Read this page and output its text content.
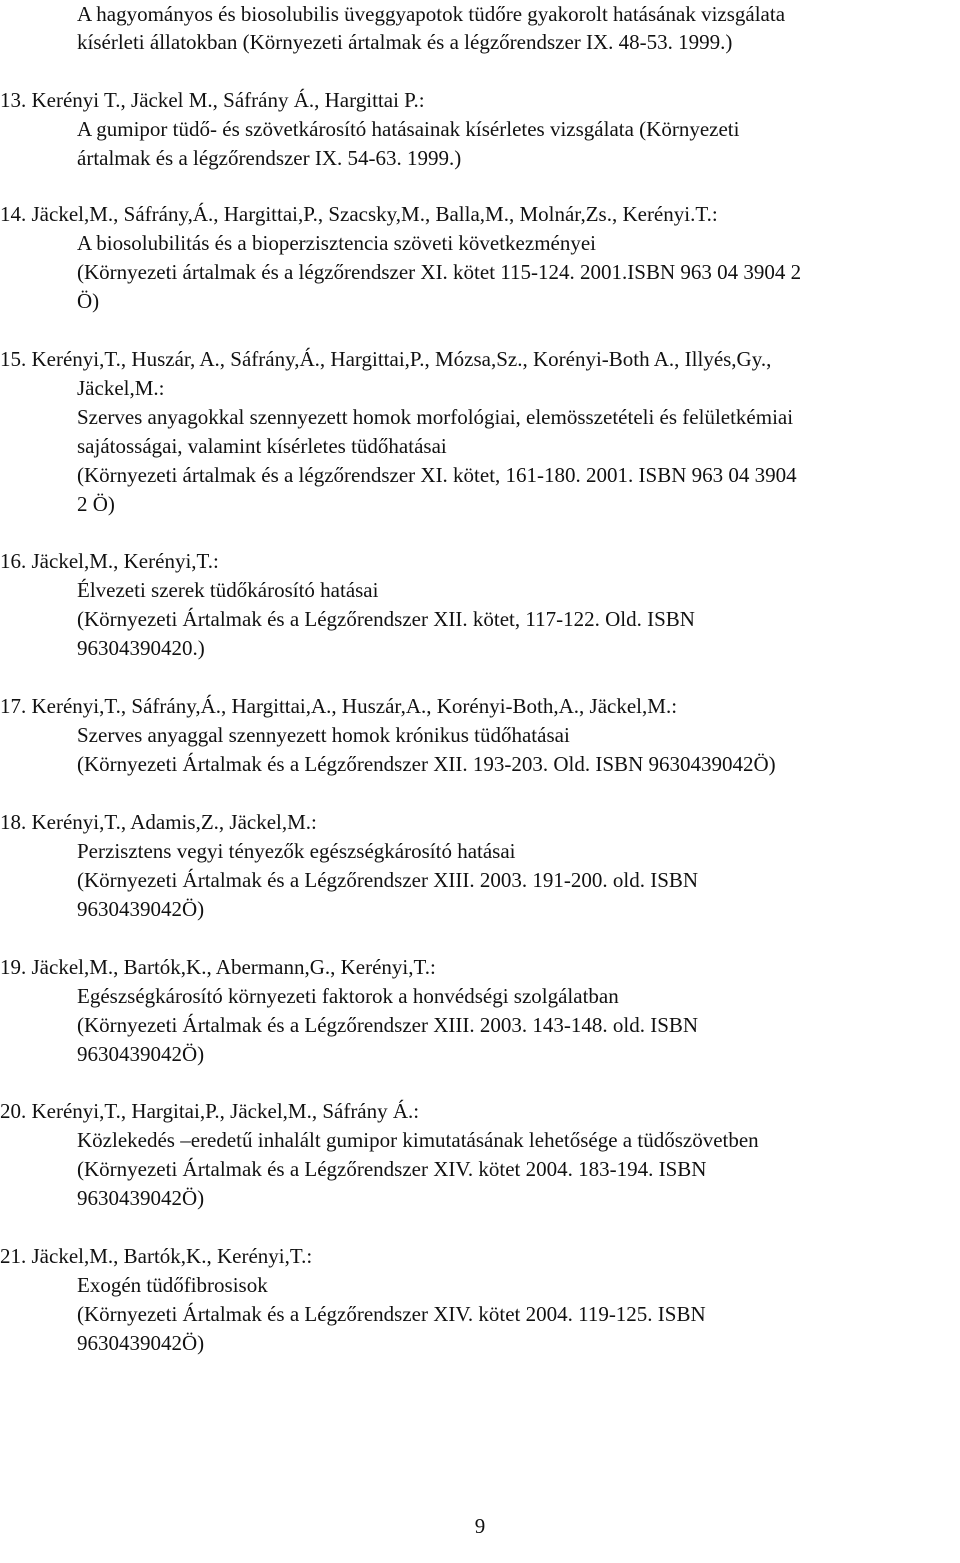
A hagyományos és biosolubilis üveggyapotok tüdőre gyakorolt hatásának vizsgálata
kísérleti állatokban (Környezeti ártalmak és a légzőrendszer IX. 48-53. 1999.)
13. Kerényi T., Jäckel M., Sáfrány Á., Hargittai P.:
A gumipor tüdő- és szövetkárosító hatásainak kísérletes vizsgálata (Környezeti
ártalmak és a légzőrendszer IX. 54-63. 1999.)
14. Jäckel,M., Sáfrány,Á., Hargittai,P., Szacsky,M., Balla,M., Molnár,Zs., Kerényi.T.:
A biosolubilitás és a bioperzisztencia szöveti következményei
(Környezeti ártalmak és a légzőrendszer XI. kötet 115-124. 2001.ISBN 963 04 3904 2
Ö)
15. Kerényi,T., Huszár, A., Sáfrány,Á., Hargittai,P., Mózsa,Sz., Korényi-Both A., Illyés,Gy.,
Jäckel,M.:
Szerves anyagokkal szennyezett homok morfológiai, elemösszetételi és felületkémiai
sajátosságai, valamint kísérletes tüdőhatásai
(Környezeti ártalmak és a légzőrendszer XI. kötet, 161-180. 2001. ISBN 963 04 3904
2 Ö)
16. Jäckel,M., Kerényi,T.:
Élvezeti szerek tüdőkárosító hatásai
(Környezeti Ártalmak és a Légzőrendszer XII. kötet, 117-122. Old. ISBN
96304390420.)
17. Kerényi,T., Sáfrány,Á., Hargittai,A., Huszár,A., Korényi-Both,A., Jäckel,M.:
Szerves anyaggal szennyezett homok krónikus tüdőhatásai
(Környezeti Ártalmak és a Légzőrendszer XII. 193-203. Old. ISBN 9630439042Ö)
18. Kerényi,T., Adamis,Z., Jäckel,M.:
Perzisztens vegyi tényezők egészségkárosító hatásai
(Környezeti Ártalmak és a Légzőrendszer XIII. 2003. 191-200. old. ISBN
9630439042Ö)
19. Jäckel,M., Bartók,K., Abermann,G., Kerényi,T.:
Egészségkárosító környezeti faktorok a honvédségi szolgálatban
(Környezeti Ártalmak és a Légzőrendszer XIII. 2003. 143-148. old. ISBN
9630439042Ö)
20. Kerényi,T., Hargitai,P., Jäckel,M., Sáfrány Á.:
Közlekedés –eredetű inhalált gumipor kimutatásának lehetősége a tüdőszövetben
(Környezeti Ártalmak és a Légzőrendszer XIV. kötet 2004. 183-194. ISBN
9630439042Ö)
21. Jäckel,M., Bartók,K., Kerényi,T.:
Exogén tüdőfibrosisok
(Környezeti Ártalmak és a Légzőrendszer XIV. kötet 2004. 119-125. ISBN
9630439042Ö)
9
